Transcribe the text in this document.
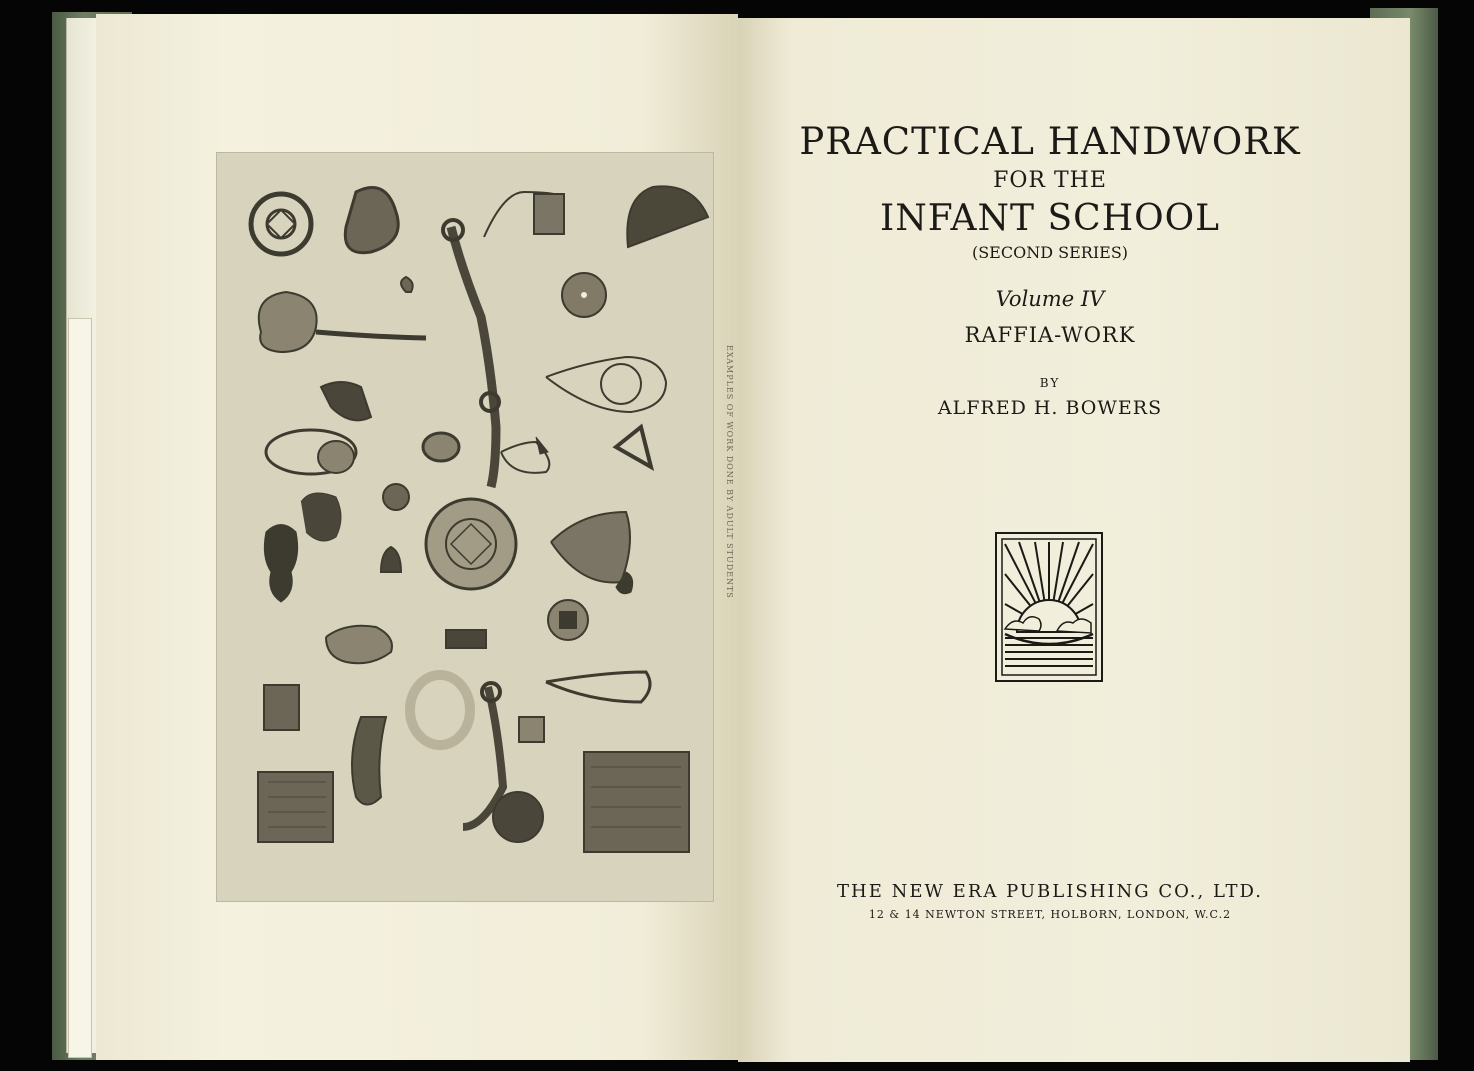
EXAMPLES OF WORK DONE BY ADULT STUDENTS
PRACTICAL HANDWORK
FOR THE
INFANT SCHOOL
(SECOND SERIES)
Volume IV
RAFFIA-WORK
BY
ALFRED H. BOWERS
THE NEW ERA PUBLISHING CO., LTD.
12 & 14 NEWTON STREET, HOLBORN, LONDON, W.C.2
